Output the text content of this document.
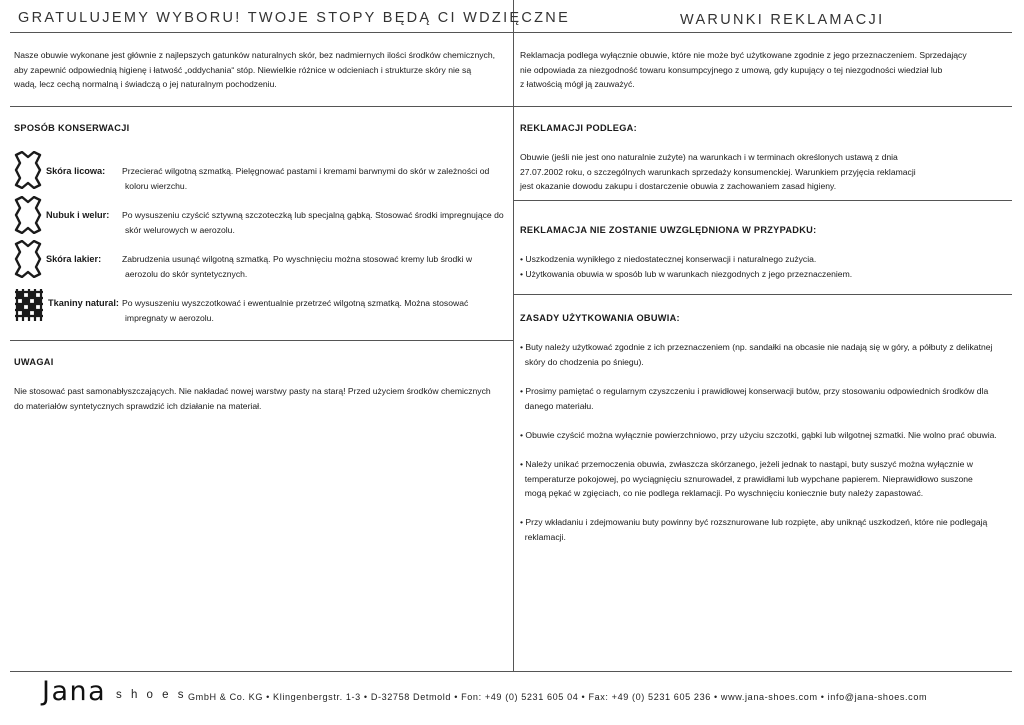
GRATULUJEMY WYBORU! TWOJE STOPY BĘDĄ CI WDZIĘCZNE
Nasze obuwie wykonane jest głównie z najlepszych gatunków naturalnych skór, bez nadmiernych ilości środków chemicznych,
aby zapewnić odpowiednią higienę i łatwość „oddychania“ stóp. Niewielkie różnice w odcieniach i strukturze skóry nie są
wadą, lecz cechą normalną i świadczą o jej naturalnym pochodzeniu.
SPOSÓB KONSERWACJI
Skóra licowa: Przecierać wilgotną szmatką. Pielęgnować pastami i kremami barwnymi do skór w zależności od
koloru wierzchu.
Nubuk i welur: Po wysuszeniu czyścić sztywną szczoteczką lub specjalną gąbką. Stosować środki impregnujące do
skór welurowych w aerozolu.
Skóra lakier: Zabrudzenia usunąć wilgotną szmatką. Po wyschnięciu można stosować kremy lub środki w
aerozolu do skór syntetycznych.
Tkaniny natural: Po wysuszeniu wyszczotkować i ewentualnie przetrzeć wilgotną szmatką. Można stosować
impregnaty w aerozolu.
UWAGAI
Nie stosować past samonabłyszczających. Nie nakładać nowej warstwy pasty na starą! Przed użyciem środków chemicznych
do materiałów syntetycznych sprawdzić ich działanie na materiał.
WARUNKI REKLAMACJI
Reklamacja podlega wyłącznie obuwie, które nie może być użytkowane zgodnie z jego przeznaczeniem. Sprzedający
nie odpowiada za niezgodność towaru konsumpcyjnego z umową, gdy kupujący o tej niezgodności wiedział lub
z łatwością mógł ją zauważyć.
REKLAMACJI PODLEGA:
Obuwie (jeśli nie jest ono naturalnie zużyte) na warunkach i w terminach określonych ustawą z dnia
27.07.2002 roku, o szczególnych warunkach sprzedaży konsumenckiej. Warunkiem przyjęcia reklamacji
jest okazanie dowodu zakupu i dostarczenie obuwia z zachowaniem zasad higieny.
REKLAMACJA NIE ZOSTANIE UWZGLĘDNIONA W PRZYPADKU:
• Uszkodzenia wynikłego z niedostatecznej konserwacji i naturalnego zużycia.
• Użytkowania obuwia w sposób lub w warunkach niezgodnych z jego przeznaczeniem.
ZASADY UŻYTKOWANIA OBUWIA:
• Buty należy użytkować zgodnie z ich przeznaczeniem (np. sandałki na obcasie nie nadają się w góry, a półbuty z delikatnej
skóry do chodzenia po śniegu).
• Prosimy pamiętać o regularnym czyszczeniu i prawidłowej konserwacji butów, przy stosowaniu odpowiednich środków dla
danego materiału.
• Obuwie czyścić można wyłącznie powierzchniowo, przy użyciu szczotki, gąbki lub wilgotnej szmatki. Nie wolno prać obuwia.
• Należy unikać przemoczenia obuwia, zwłaszcza skórzanego, jeżeli jednak to nastąpi, buty suszyć można wyłącznie w
temperaturze pokojowej, po wyciągnięciu sznurowadeł, z prawidłami lub wypchane papierem. Nieprawidłowo suszone
mogą pękać w zgięciach, co nie podlega reklamacji. Po wyschnięciu koniecznie buty należy zapastować.
• Przy wkładaniu i zdejmowaniu buty powinny być rozsznurowane lub rozpięte, aby uniknąć uszkodzeń, które nie podlegają
reklamacji.
Jana s h o e s GmbH & Co. KG • Klingenbergstr. 1-3 • D-32758 Detmold • Fon: +49 (0) 5231 605 04 • Fax: +49 (0) 5231 605 236 • www.jana-shoes.com • info@jana-shoes.com
